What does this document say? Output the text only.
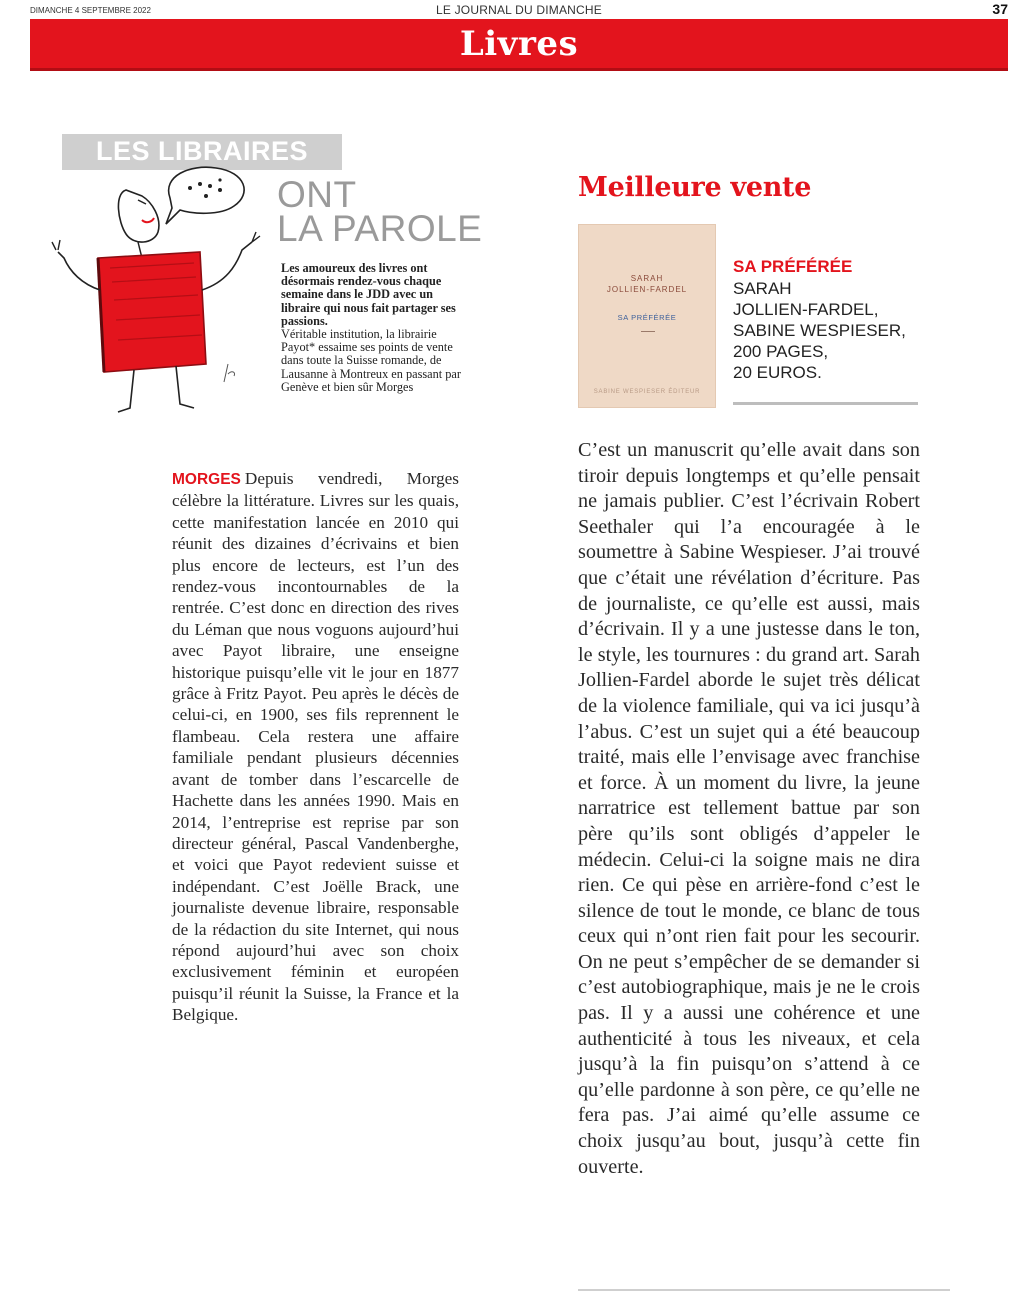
DIMANCHE 4 SEPTEMBRE 2022	LE JOURNAL DU DIMANCHE	37
Livres
LES LIBRAIRES
ONT
LA PAROLE

Les amoureux des livres ont désormais rendez-vous chaque semaine dans le JDD avec un libraire qui nous fait partager ses passions.

Véritable institution, la librairie Payot* essaime ses points de vente dans toute la Suisse romande, de Lausanne à Montreux en passant par Genève et bien sûr Morges

MORGES Depuis vendredi, Morges célèbre la littérature. Livres sur les quais, cette manifestation lancée en 2010 qui réunit des dizaines d’écrivains et bien plus encore de lecteurs, est l’un des rendez-vous incontournables de la rentrée. C’est donc en direction des rives du Léman que nous voguons aujourd’hui avec Payot libraire, une enseigne historique puisqu’elle vit le jour en 1877 grâce à Fritz Payot. Peu après le décès de celui-ci, en 1900, ses fils reprennent le flambeau. Cela restera une affaire familiale pendant plusieurs décennies avant de tomber dans l’escarcelle de Hachette dans les années 1990. Mais en 2014, l’entreprise est reprise par son directeur général, Pascal Vandenberghe, et voici que Payot redevient suisse et indépendant. C’est Joëlle Brack, une journaliste devenue libraire, responsable de la rédaction du site Internet, qui nous répond aujourd’hui avec son choix exclusivement féminin et européen puisqu’il réunit la Suisse, la France et la Belgique.
Meilleure vente
SARAH
JOLLIEN-FARDEL
SA PRÉFÉRÉE
SABINE WESPIESER ÉDITEUR
SA PRÉFÉRÉE
SARAH
JOLLIEN-FARDEL,
SABINE WESPIESER,
200 PAGES,
20 EUROS.
C’est un manuscrit qu’elle avait dans son tiroir depuis longtemps et qu’elle pensait ne jamais publier. C’est l’écrivain Robert Seethaler qui l’a encouragée à le soumettre à Sabine Wespieser. J’ai trouvé que c’était une révélation d’écriture. Pas de journaliste, ce qu’elle est aussi, mais d’écrivain. Il y a une justesse dans le ton, le style, les tournures : du grand art. Sarah Jollien-Fardel aborde le sujet très délicat de la violence familiale, qui va ici jusqu’à l’abus. C’est un sujet qui a été beaucoup traité, mais elle l’envisage avec franchise et force. À un moment du livre, la jeune narratrice est tellement battue par son père qu’ils sont obligés d’appeler le médecin. Celui-ci la soigne mais ne dira rien. Ce qui pèse en arrière-fond c’est le silence de tout le monde, ce blanc de tous ceux qui n’ont rien fait pour les secourir. On ne peut s’empêcher de se demander si c’est autobiographique, mais je ne le crois pas. Il y a aussi une cohérence et une authenticité à tous les niveaux, et cela jusqu’à la fin puisqu’on s’attend à ce qu’elle pardonne à son père, ce qu’elle ne fera pas. J’ai aimé qu’elle assume ce choix jusqu’au bout, jusqu’à cette fin ouverte.
